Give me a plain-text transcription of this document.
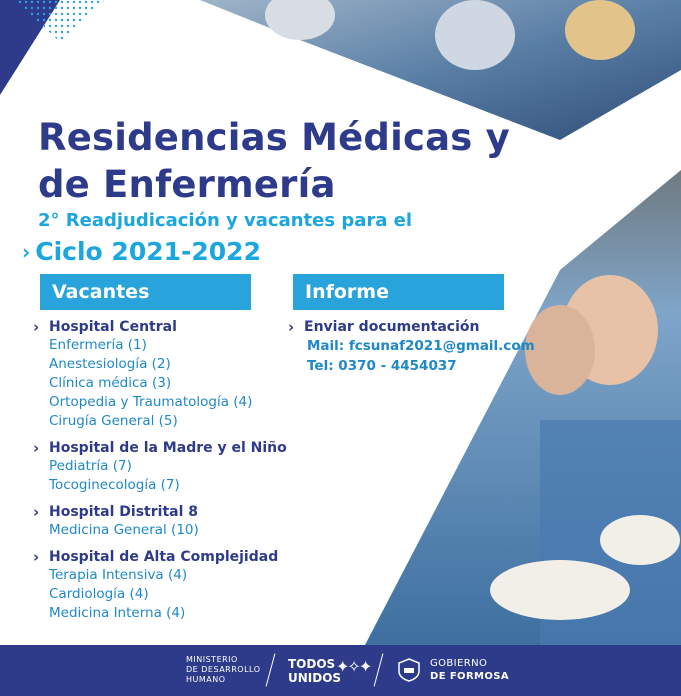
Residencias Médicas y
de Enfermería
2° Readjudicación y vacantes para el
› Ciclo 2021-2022
Vacantes	Informe
› Hospital Central
Enfermería (1)
Anestesiología (2)
Clínica médica (3)
Ortopedia y Traumatología (4)
Cirugía General (5)
› Hospital de la Madre y el Niño
Pediatría (7)
Tocoginecología (7)
› Hospital Distrital 8
Medicina General (10)
› Hospital de Alta Complejidad
Terapia Intensiva (4)
Cardiología (4)
Medicina Interna (4)
› Enviar documentación
Mail: fcsunaf2021@gmail.com
Tel: 0370 - 4454037
MINISTERIO
DE DESARROLLO
HUMANO
TODOS
UNIDOS
✦✧✦	GOBIERNO
DE FORMOSA
